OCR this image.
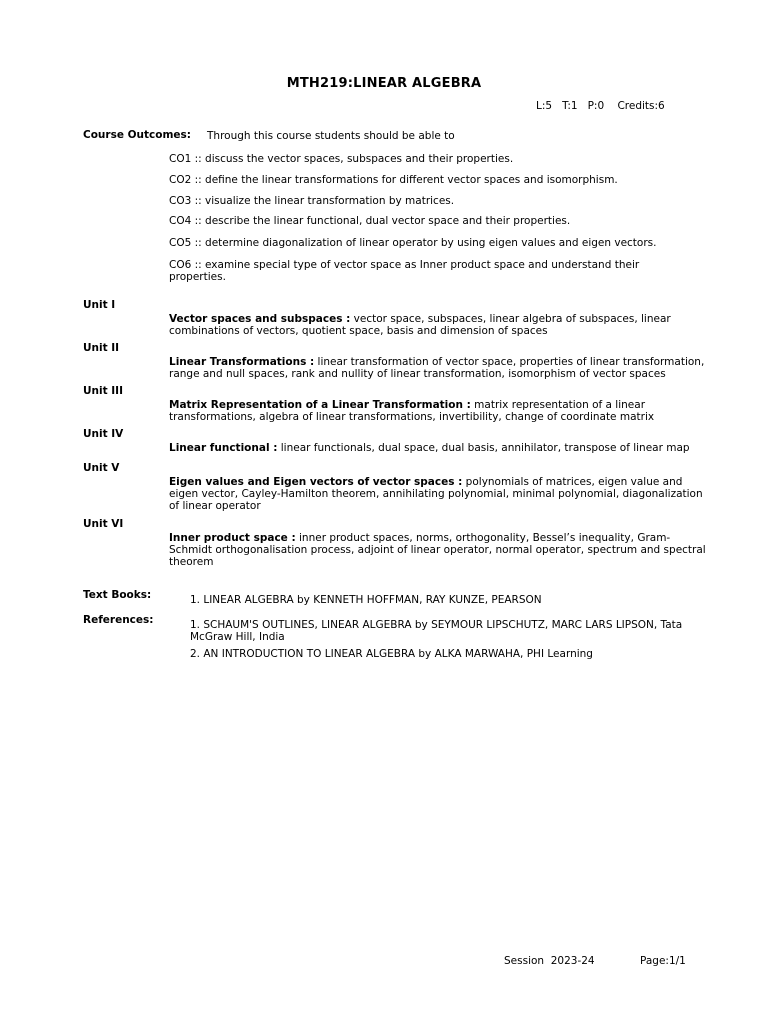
MTH219:LINEAR ALGEBRA
L:5   T:1   P:0    Credits:6
Course Outcomes: Through this course students should be able to
CO1 :: discuss the vector spaces, subspaces and their properties.
CO2 :: define the linear transformations for different vector spaces and isomorphism.
CO3 :: visualize the linear transformation by matrices.
CO4 :: describe the linear functional, dual vector space and their properties.
CO5 :: determine diagonalization of linear operator by using eigen values and eigen vectors.
CO6 :: examine special type of vector space as Inner product space and understand their properties.
Unit I
Vector spaces and subspaces : vector space, subspaces, linear algebra of subspaces, linear combinations of vectors, quotient space, basis and dimension of spaces
Unit II
Linear Transformations : linear transformation of vector space, properties of linear transformation, range and null spaces, rank and nullity of linear transformation, isomorphism of vector spaces
Unit III
Matrix Representation of a Linear Transformation : matrix representation of a linear transformations, algebra of linear transformations, invertibility, change of coordinate matrix
Unit IV
Linear functional : linear functionals, dual space, dual basis, annihilator, transpose of linear map
Unit V
Eigen values and Eigen vectors of vector spaces : polynomials of matrices, eigen value and eigen vector, Cayley-Hamilton theorem, annihilating polynomial, minimal polynomial, diagonalization of linear operator
Unit VI
Inner product space : inner product spaces, norms, orthogonality, Bessel’s inequality, Gram-Schmidt orthogonalisation process, adjoint of linear operator, normal operator, spectrum and spectral theorem
Text Books:	1. LINEAR ALGEBRA by KENNETH HOFFMAN, RAY KUNZE, PEARSON
References:	1. SCHAUM'S OUTLINES, LINEAR ALGEBRA by SEYMOUR LIPSCHUTZ, MARC LARS LIPSON, Tata McGraw Hill, India
2. AN INTRODUCTION TO LINEAR ALGEBRA by ALKA MARWAHA, PHI Learning
Session  2023-24	Page:1/1
